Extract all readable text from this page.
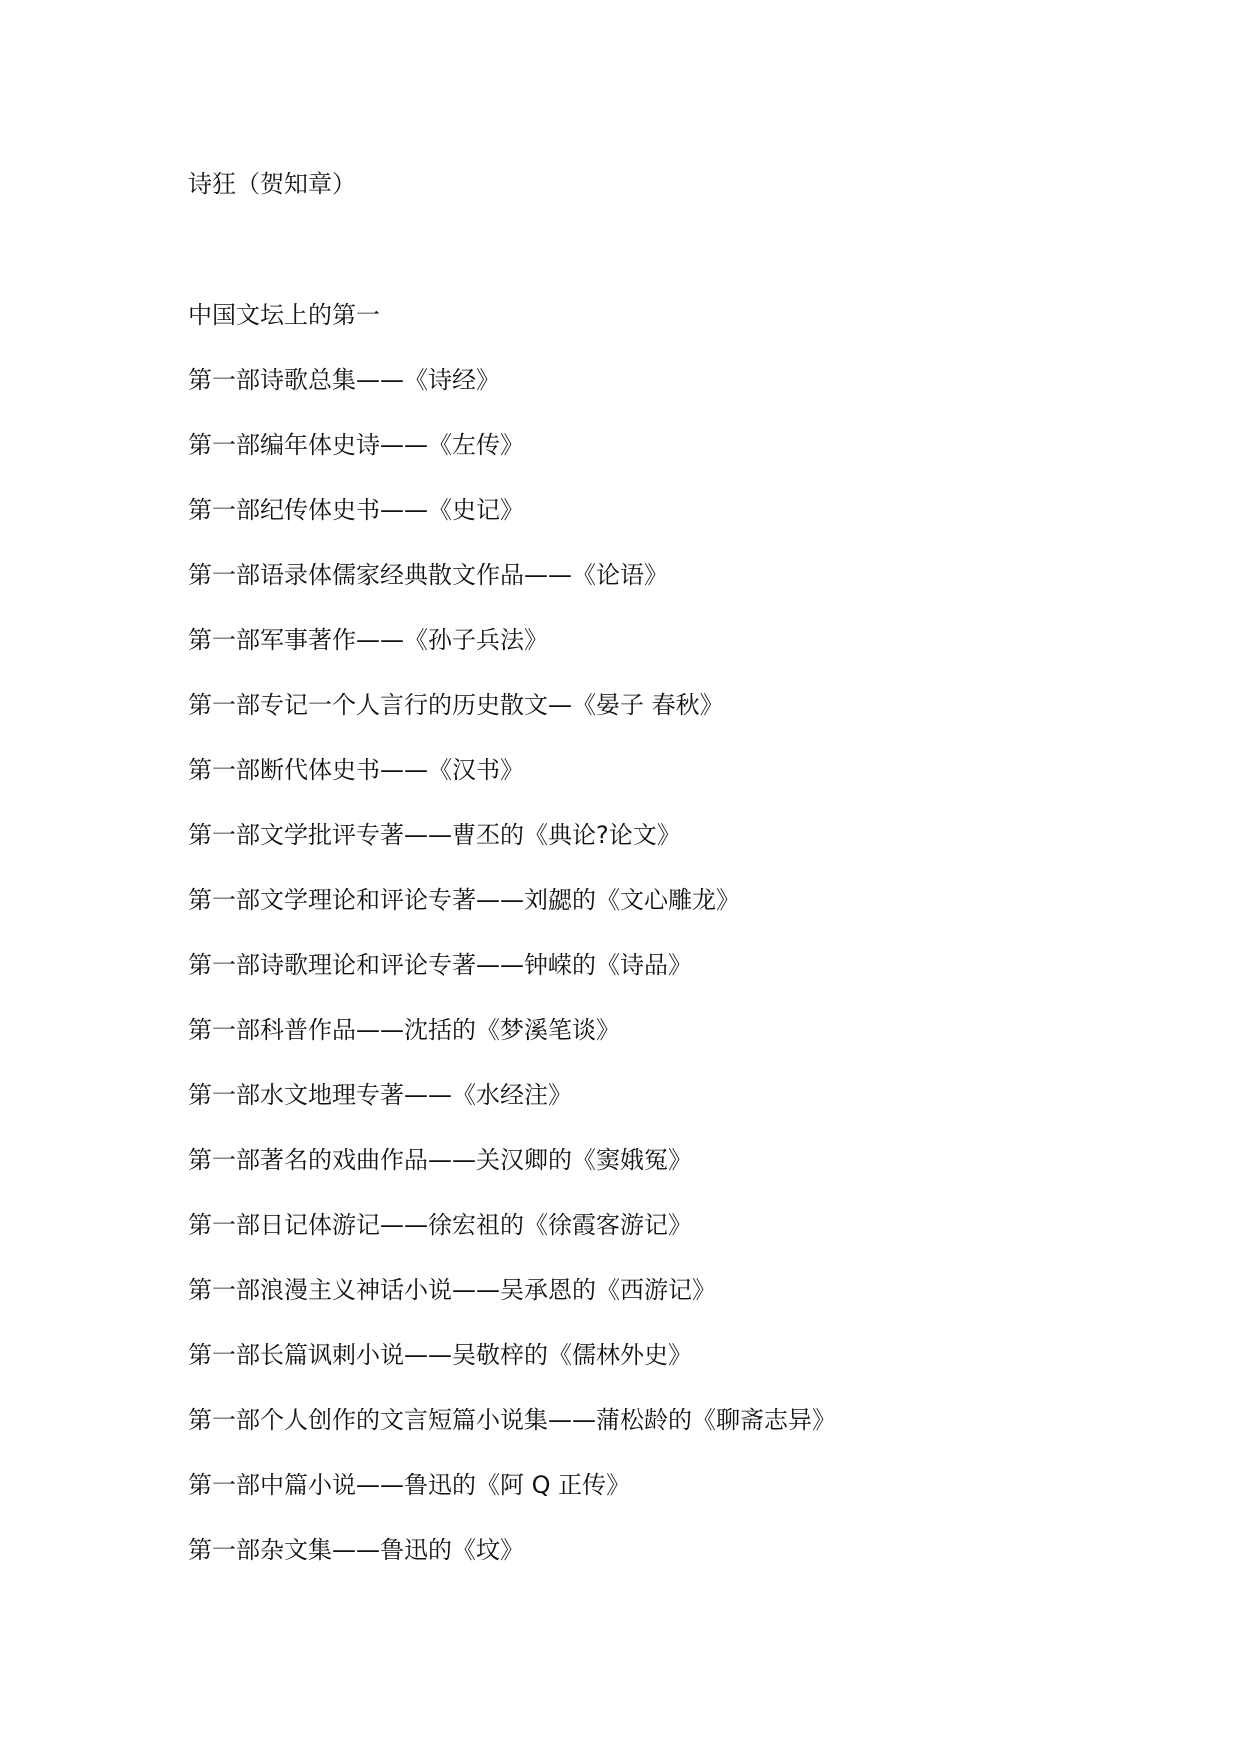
诗狂（贺知章）
中国文坛上的第一
第一部诗歌总集——《诗经》
第一部编年体史诗——《左传》
第一部纪传体史书——《史记》
第一部语录体儒家经典散文作品——《论语》
第一部军事著作——《孙子兵法》
第一部专记一个人言行的历史散文—《晏子 春秋》
第一部断代体史书——《汉书》
第一部文学批评专著——曹丕的《典论?论文》
第一部文学理论和评论专著——刘勰的《文心雕龙》
第一部诗歌理论和评论专著——钟嵘的《诗品》
第一部科普作品——沈括的《梦溪笔谈》
第一部水文地理专著——《水经注》
第一部著名的戏曲作品——关汉卿的《窦娥冤》
第一部日记体游记——徐宏祖的《徐霞客游记》
第一部浪漫主义神话小说——吴承恩的《西游记》
第一部长篇讽刺小说——吴敬梓的《儒林外史》
第一部个人创作的文言短篇小说集——蒲松龄的《聊斋志异》
第一部中篇小说——鲁迅的《阿 Q 正传》
第一部杂文集——鲁迅的《坟》
